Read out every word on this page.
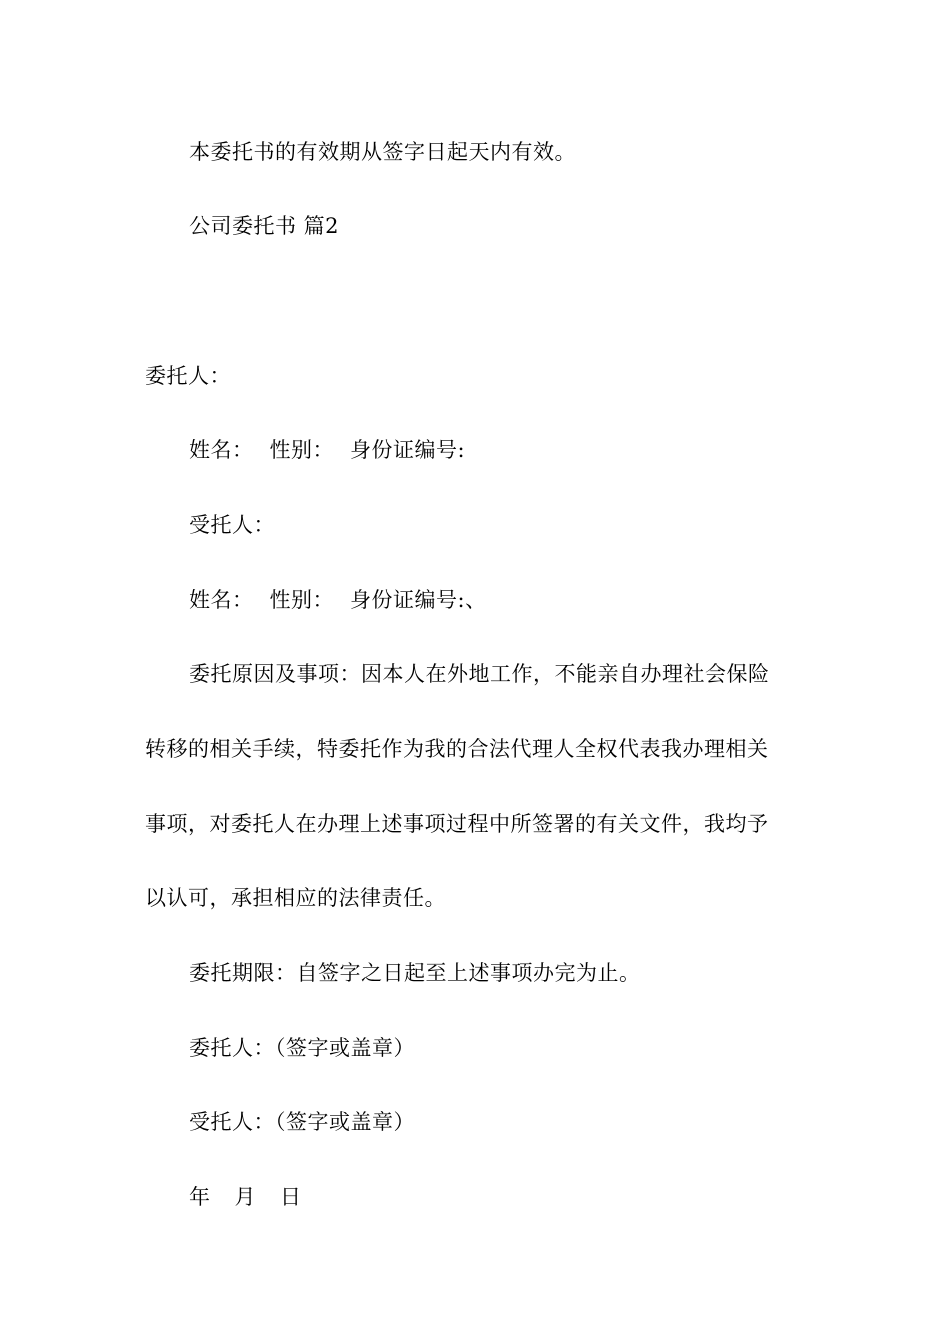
本委托书的有效期从签字日起天内有效。
公司委托书 篇2
委托人：
姓名： 性别： 身份证编号:
受托人：
姓名： 性别： 身份证编号:、
委托原因及事项：因本人在外地工作，不能亲自办理社会保险
转移的相关手续，特委托作为我的合法代理人全权代表我办理相关
事项，对委托人在办理上述事项过程中所签署的有关文件，我均予
以认可，承担相应的法律责任。
委托期限：自签字之日起至上述事项办完为止。
委托人：（签字或盖章）
受托人：（签字或盖章）
年 月 日
